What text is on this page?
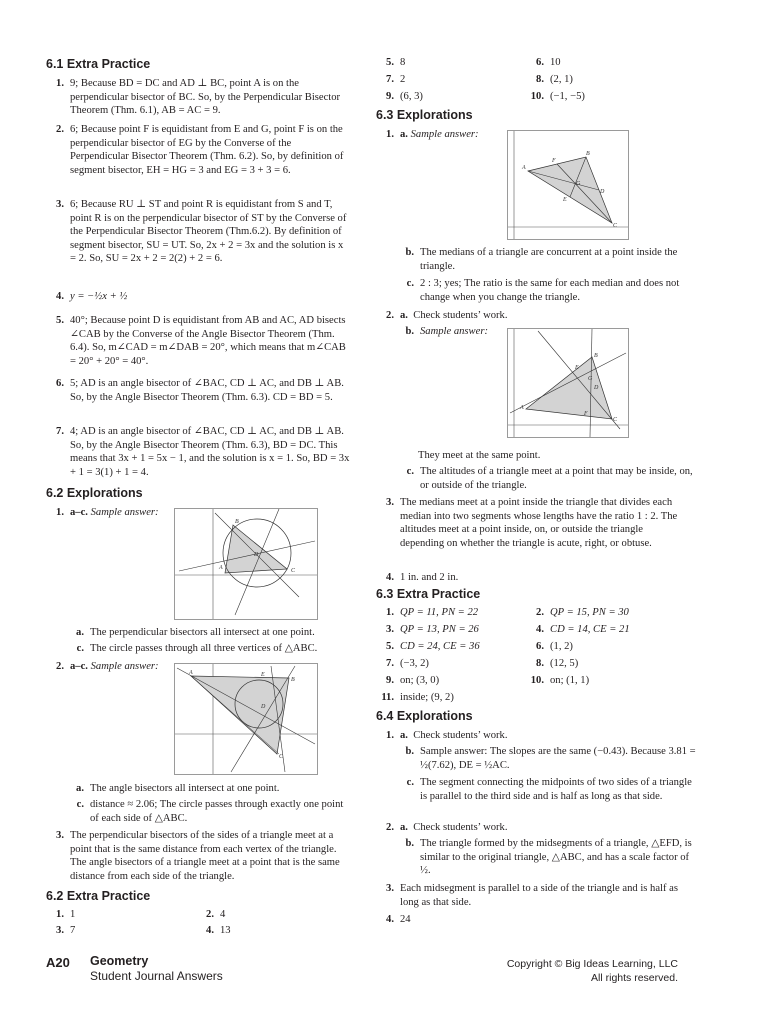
6.1 Extra Practice
1. 9; Because BD = DC and AD ⊥ BC, point A is on the perpendicular bisector of BC. So, by the Perpendicular Bisector Theorem (Thm. 6.1), AB = AC = 9.
2. 6; Because point F is equidistant from E and G, point F is on the perpendicular bisector of EG by the Converse of the Perpendicular Bisector Theorem (Thm. 6.2). So, by definition of segment bisector, EH = HG = 3 and EG = 3 + 3 = 6.
3. 6; Because RU ⊥ ST and point R is equidistant from S and T, point R is on the perpendicular bisector of ST by the Converse of the Perpendicular Bisector Theorem (Thm.6.2). By definition of segment bisector, SU = UT. So, 2x + 2 = 3x and the solution is x = 2. So, SU = 2x + 2 = 2(2) + 2 = 6.
4. y = −½x + ½
5. 40°; Because point D is equidistant from AB and AC, AD bisects ∠CAB by the Converse of the Angle Bisector Theorem (Thm. 6.4). So, m∠CAD = m∠DAB = 20°, which means that m∠CAB = 20° + 20° = 40°.
6. 5; AD is an angle bisector of ∠BAC, CD ⊥ AC, and DB ⊥ AB. So, by the Angle Bisector Theorem (Thm. 6.3). CD = BD = 5.
7. 4; AD is an angle bisector of ∠BAC, CD ⊥ AC, and DB ⊥ AB. So, by the Angle Bisector Theorem (Thm. 6.3), BD = DC. This means that 3x + 1 = 5x − 1, and the solution is x = 1. So, BD = 3x + 1 = 3(1) + 1 = 4.
6.2 Explorations
1. a–c. Sample answer:
B
A	C
D
a. The perpendicular bisectors all intersect at one point.
c. The circle passes through all three vertices of △ABC.
2. a–c. Sample answer:
A
B
C
D
E
a. The angle bisectors all intersect at one point.
c. distance ≈ 2.06; The circle passes through exactly one point of each side of △ABC.
3. The perpendicular bisectors of the sides of a triangle meet at a point that is the same distance from each vertex of the triangle. The angle bisectors of a triangle meet at a point that is the same distance from each side of the triangle.
6.2 Extra Practice
1. 1	2. 4
3. 7	4. 13
5. 8	6. 10
7. 2	8. (2, 1)
9. (6, 3)	10. (−1, −5)
6.3 Explorations
1. a. Sample answer:
A
B
C
D
E
F
G
b. The medians of a triangle are concurrent at a point inside the triangle.
c. 2 : 3; yes; The ratio is the same for each median and does not change when you change the triangle.
2. a. Check students’ work.
b. Sample answer:
A
B
C
D
E
F
G
They meet at the same point.
c. The altitudes of a triangle meet at a point that may be inside, on, or outside of the triangle.
3. The medians meet at a point inside the triangle that divides each median into two segments whose lengths have the ratio 1 : 2. The altitudes meet at a point inside, on, or outside the triangle depending on whether the triangle is acute, right, or obtuse.
4. 1 in. and 2 in.
6.3 Extra Practice
1. QP = 11, PN = 22	2. QP = 15, PN = 30
3. QP = 13, PN = 26	4. CD = 14, CE = 21
5. CD = 24, CE = 36	6. (1, 2)
7. (−3, 2)	8. (12, 5)
9. on; (3, 0)	10. on; (1, 1)
11. inside; (9, 2)
6.4 Explorations
1. a. Check students’ work.
b. Sample answer: The slopes are the same (−0.43). Because 3.81 = ½(7.62), DE = ½AC.
c. The segment connecting the midpoints of two sides of a triangle is parallel to the third side and is half as long as that side.
2. a. Check students’ work.
b. The triangle formed by the midsegments of a triangle, △EFD, is similar to the original triangle, △ABC, and has a scale factor of ½.
3. Each midsegment is parallel to a side of the triangle and is half as long as that side.
4. 24
A20 Geometry
Student Journal Answers
Copyright © Big Ideas Learning, LLC
All rights reserved.
